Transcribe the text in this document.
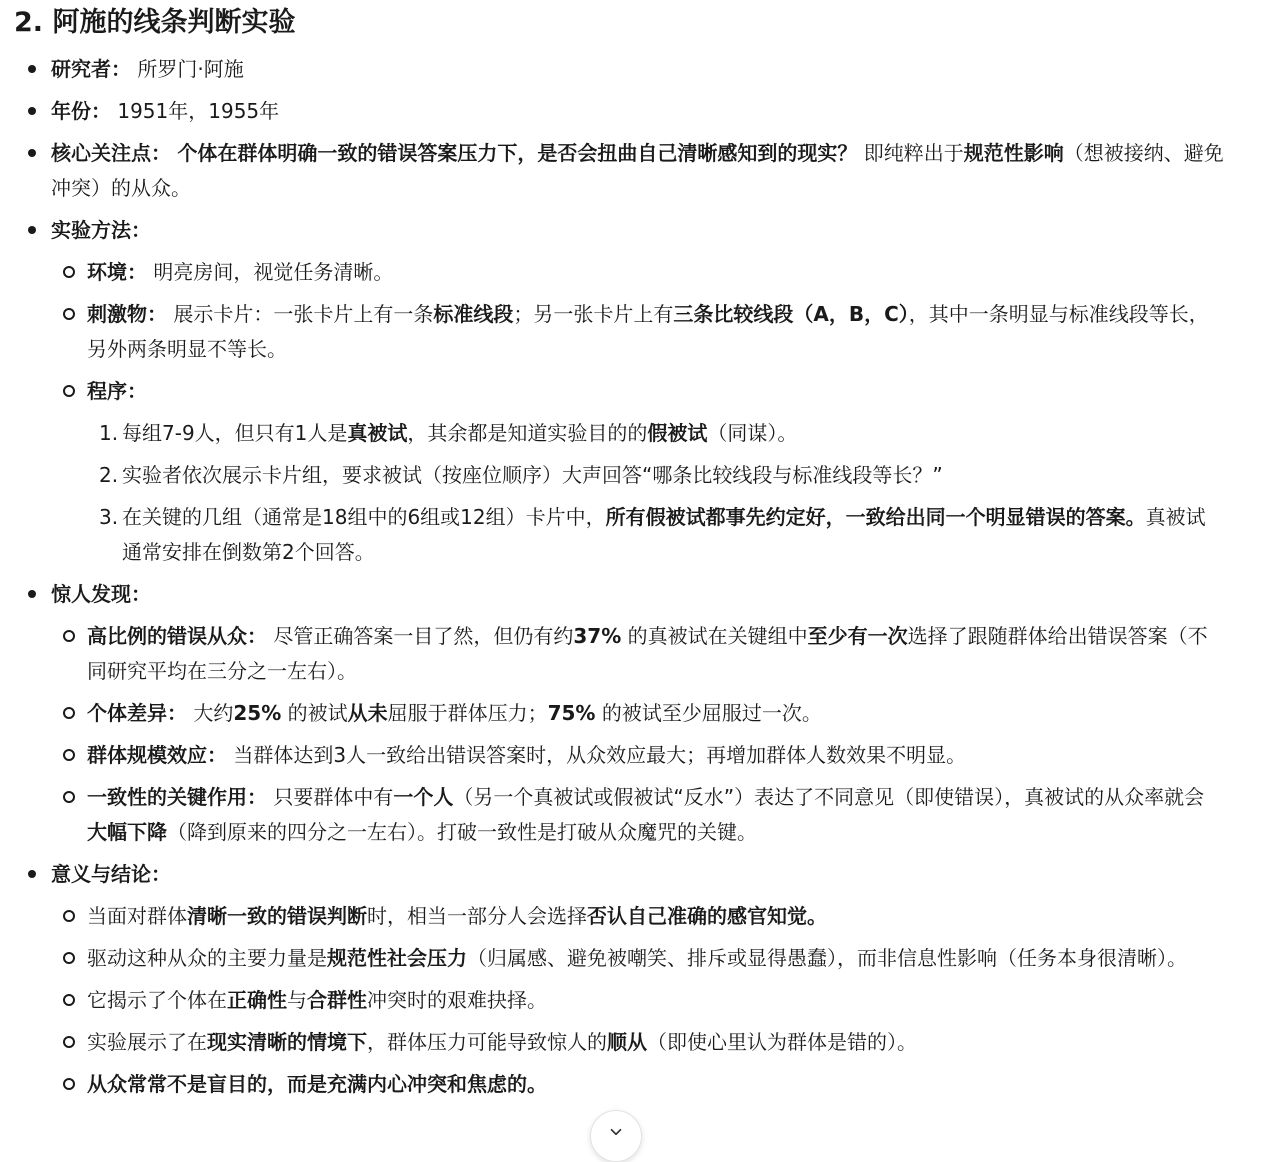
2. 阿施的线条判断实验
研究者： 所罗门·阿施
年份： 1951年，1955年
核心关注点： 个体在群体明确一致的错误答案压力下，是否会扭曲自己清晰感知到的现实？ 即纯粹出于规范性影响（想被接纳、避免冲突）的从众。
实验方法：
环境： 明亮房间，视觉任务清晰。
刺激物： 展示卡片：一张卡片上有一条标准线段；另一张卡片上有三条比较线段（A，B，C），其中一条明显与标准线段等长，另外两条明显不等长。
程序：
1. 每组7-9人，但只有1人是真被试，其余都是知道实验目的的假被试（同谋）。
2. 实验者依次展示卡片组，要求被试（按座位顺序）大声回答“哪条比较线段与标准线段等长？”
3. 在关键的几组（通常是18组中的6组或12组）卡片中，所有假被试都事先约定好，一致给出同一个明显错误的答案。真被试通常安排在倒数第2个回答。
惊人发现：
高比例的错误从众： 尽管正确答案一目了然，但仍有约37% 的真被试在关键组中至少有一次选择了跟随群体给出错误答案（不同研究平均在三分之一左右）。
个体差异： 大约25% 的被试从未屈服于群体压力；75% 的被试至少屈服过一次。
群体规模效应： 当群体达到3人一致给出错误答案时，从众效应最大；再增加群体人数效果不明显。
一致性的关键作用： 只要群体中有一个人（另一个真被试或假被试“反水”）表达了不同意见（即使错误），真被试的从众率就会大幅下降（降到原来的四分之一左右）。打破一致性是打破从众魔咒的关键。
意义与结论：
当面对群体清晰一致的错误判断时，相当一部分人会选择否认自己准确的感官知觉。
驱动这种从众的主要力量是规范性社会压力（归属感、避免被嘲笑、排斥或显得愚蠢），而非信息性影响（任务本身很清晰）。
它揭示了个体在正确性与合群性冲突时的艰难抉择。
实验展示了在现实清晰的情境下，群体压力可能导致惊人的顺从（即使心里认为群体是错的）。
从众常常不是盲目的，而是充满内心冲突和焦虑的。
